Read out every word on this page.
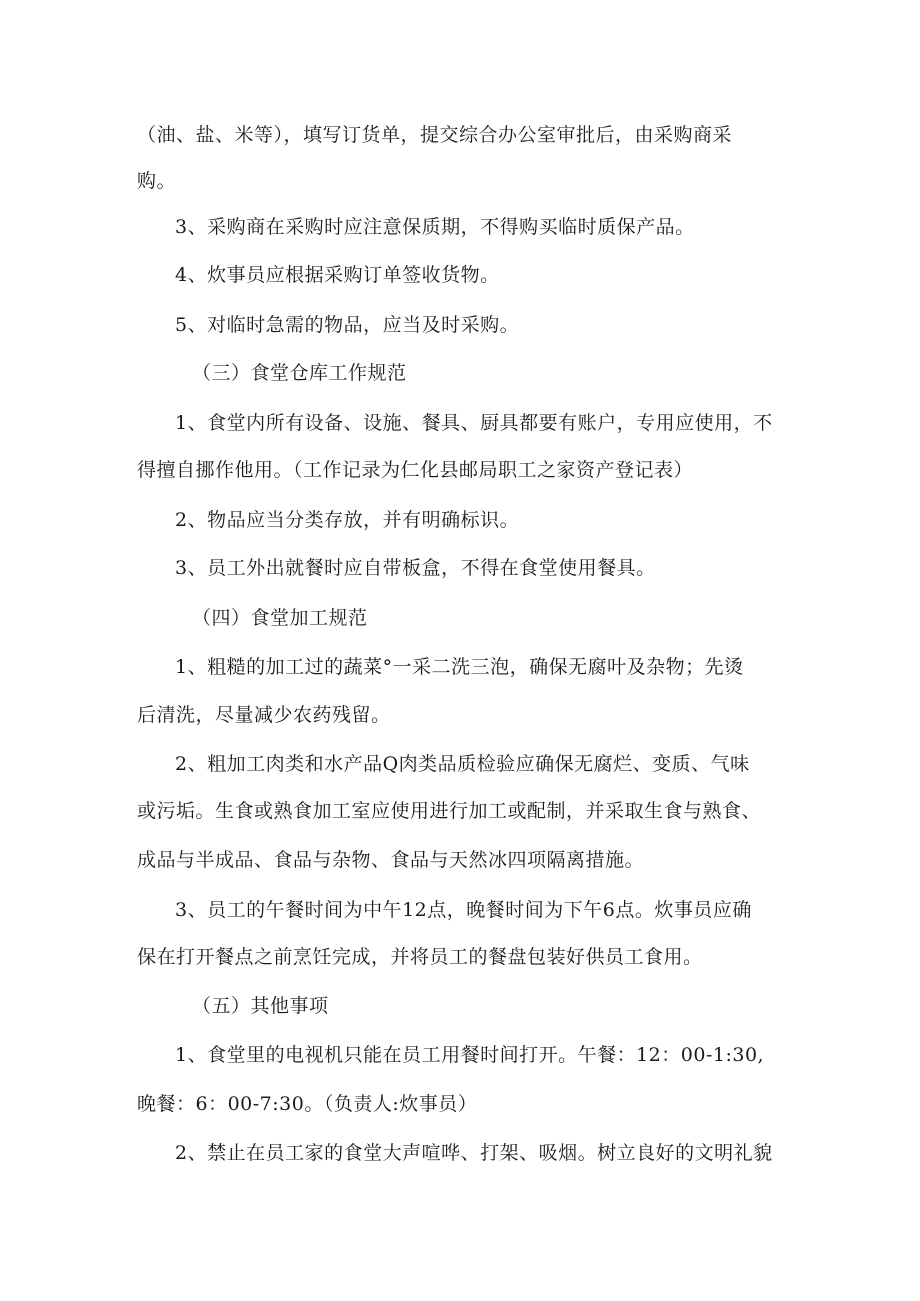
（油、盐、米等），填写订货单，提交综合办公室审批后，由采购商采
购。
3、采购商在采购时应注意保质期，不得购买临时质保产品。
4、炊事员应根据采购订单签收货物。
5、对临时急需的物品，应当及时采购。
（三）食堂仓库工作规范
1、食堂内所有设备、设施、餐具、厨具都要有账户，专用应使用，不
得擅自挪作他用。（工作记录为仁化县邮局职工之家资产登记表）
2、物品应当分类存放，并有明确标识。
3、员工外出就餐时应自带板盒，不得在食堂使用餐具。
（四）食堂加工规范
1、粗糙的加工过的蔬菜°一采二洗三泡，确保无腐叶及杂物；先烫
后清洗，尽量减少农药残留。
2、粗加工肉类和水产品Q肉类品质检验应确保无腐烂、变质、气味
或污垢。生食或熟食加工室应使用进行加工或配制，并采取生食与熟食、
成品与半成品、食品与杂物、食品与天然冰四项隔离措施。
3、员工的午餐时间为中午12点，晚餐时间为下午6点。炊事员应确
保在打开餐点之前烹饪完成，并将员工的餐盘包装好供员工食用。
（五）其他事项
1、食堂里的电视机只能在员工用餐时间打开。午餐：12：00-1:30,
晚餐：6：00-7:30。（负责人:炊事员）
2、禁止在员工家的食堂大声喧哗、打架、吸烟。树立良好的文明礼貌
